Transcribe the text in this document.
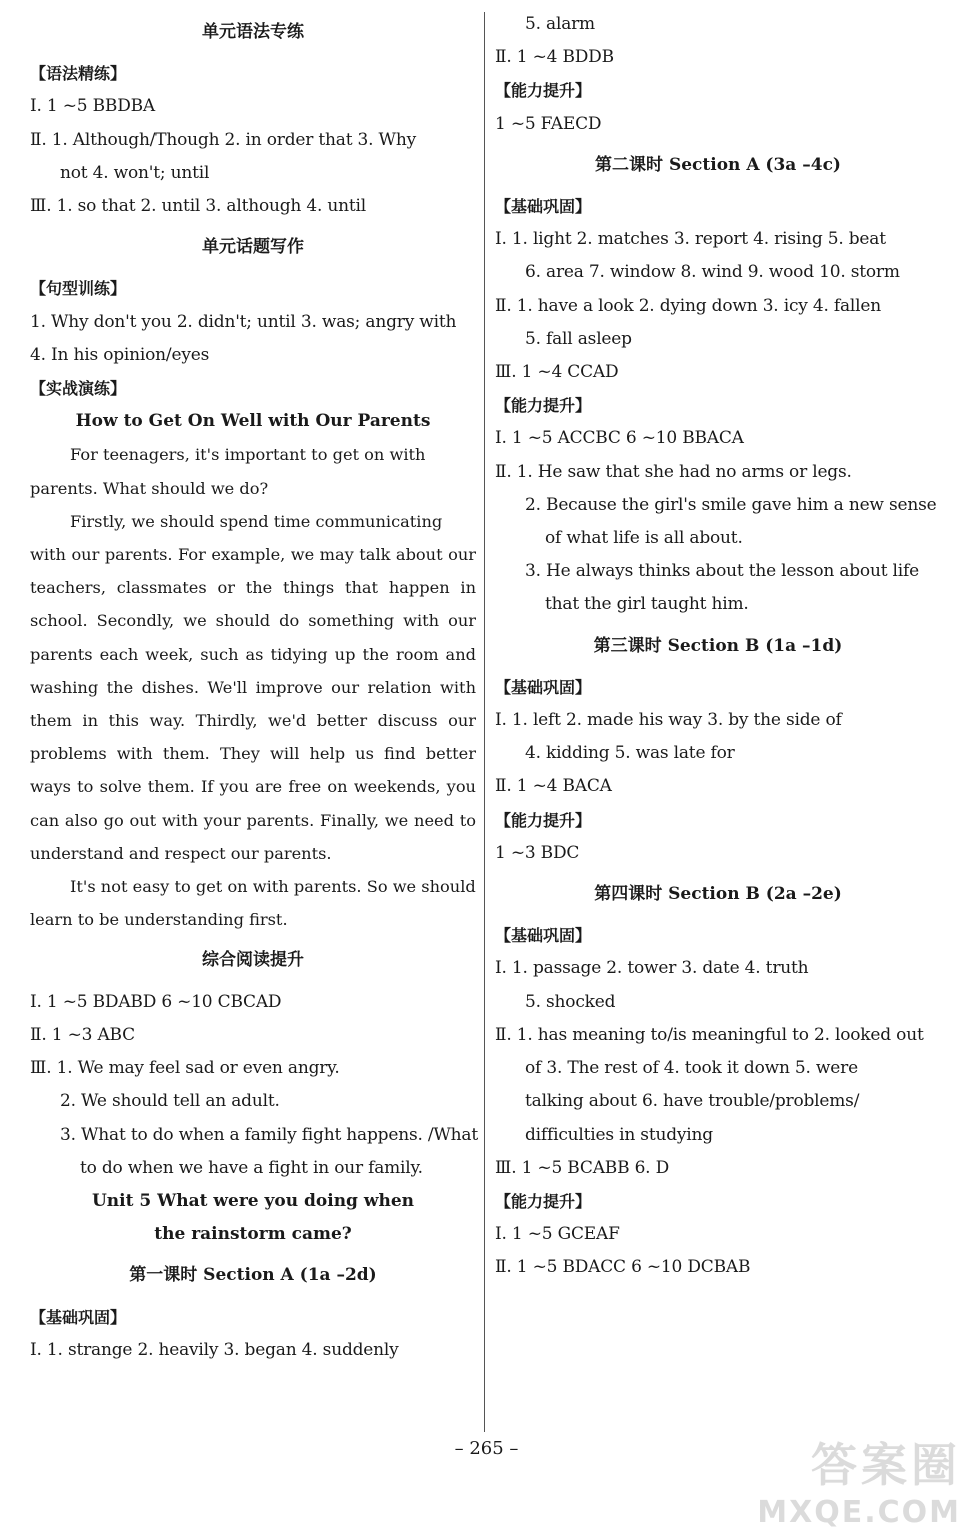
单元语法专练
【语法精练】
Ⅰ. 1 ~5 BBDBA
Ⅱ. 1. Although/Though 2. in order that 3. Why
not 4. won't; until
Ⅲ. 1. so that 2. until 3. although 4. until
单元话题写作
【句型训练】
1. Why don't you 2. didn't; until 3. was; angry with
4. In his opinion/eyes
【实战演练】
How to Get On Well with Our Parents
For teenagers, it's important to get on with
parents. What should we do?
Firstly, we should spend time communicating
with our parents. For example, we may talk about our teachers, classmates or the things that happen in school. Secondly, we should do something with our parents each week, such as tidying up the room and washing the dishes. We'll improve our relation with them in this way. Thirdly, we'd better discuss our problems with them. They will help us find better ways to solve them. If you are free on weekends, you can also go out with your parents. Finally, we need to understand and respect our parents.
It's not easy to get on with parents. So we should
learn to be understanding first.
综合阅读提升
Ⅰ. 1 ~5 BDABD 6 ~10 CBCAD
Ⅱ. 1 ~3 ABC
Ⅲ. 1. We may feel sad or even angry.
2. We should tell an adult.
3. What to do when a family fight happens. /What
to do when we have a fight in our family.
Unit 5 What were you doing when
the rainstorm came?
第一课时 Section A (1a –2d)
【基础巩固】
Ⅰ. 1. strange 2. heavily 3. began 4. suddenly
5. alarm
Ⅱ. 1 ~4 BDDB
【能力提升】
1 ~5 FAECD
第二课时 Section A (3a –4c)
【基础巩固】
Ⅰ. 1. light 2. matches 3. report 4. rising 5. beat
6. area 7. window 8. wind 9. wood 10. storm
Ⅱ. 1. have a look 2. dying down 3. icy 4. fallen
5. fall asleep
Ⅲ. 1 ~4 CCAD
【能力提升】
Ⅰ. 1 ~5 ACCBC 6 ~10 BBACA
Ⅱ. 1. He saw that she had no arms or legs.
2. Because the girl's smile gave him a new sense
of what life is all about.
3. He always thinks about the lesson about life
that the girl taught him.
第三课时 Section B (1a –1d)
【基础巩固】
Ⅰ. 1. left 2. made his way 3. by the side of
4. kidding 5. was late for
Ⅱ. 1 ~4 BACA
【能力提升】
1 ~3 BDC
第四课时 Section B (2a –2e)
【基础巩固】
Ⅰ. 1. passage 2. tower 3. date 4. truth
5. shocked
Ⅱ. 1. has meaning to/is meaningful to 2. looked out
of 3. The rest of 4. took it down 5. were
talking about 6. have trouble/problems/
difficulties in studying
Ⅲ. 1 ~5 BCABB 6. D
【能力提升】
Ⅰ. 1 ~5 GCEAF
Ⅱ. 1 ~5 BDACC 6 ~10 DCBAB
– 265 –	答案圈
MXQE.COM
